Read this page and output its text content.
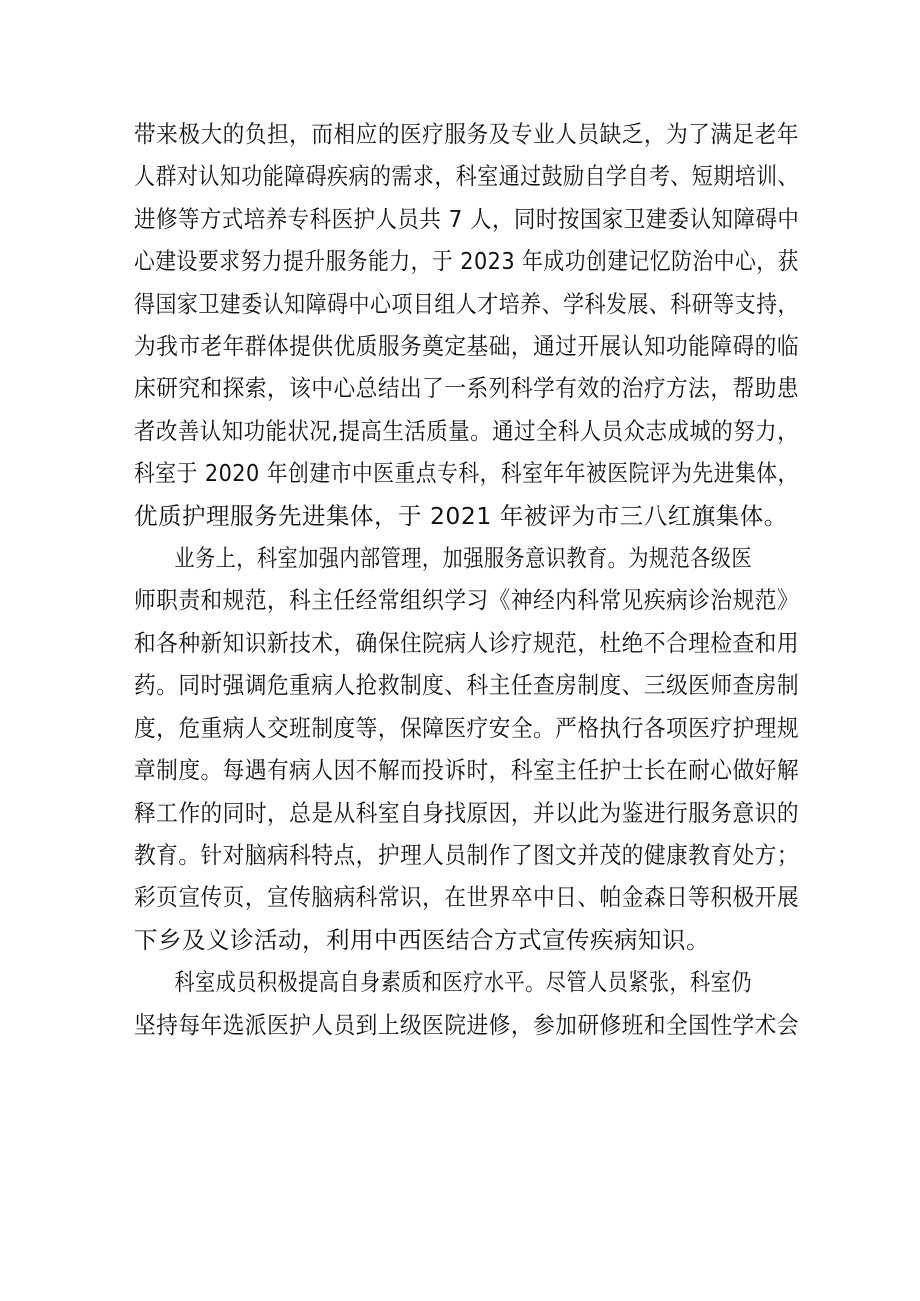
带来极大的负担，而相应的医疗服务及专业人员缺乏，为了满足老年
人群对认知功能障碍疾病的需求，科室通过鼓励自学自考、短期培训、
进修等方式培养专科医护人员共 7 人，同时按国家卫建委认知障碍中
心建设要求努力提升服务能力，于 2023 年成功创建记忆防治中心，获
得国家卫建委认知障碍中心项目组人才培养、学科发展、科研等支持，
为我市老年群体提供优质服务奠定基础，通过开展认知功能障碍的临
床研究和探索，该中心总结出了一系列科学有效的治疗方法，帮助患
者改善认知功能状况,提高生活质量。通过全科人员众志成城的努力，
科室于 2020 年创建市中医重点专科，科室年年被医院评为先进集体，
优质护理服务先进集体，于 2021 年被评为市三八红旗集体。
业务上，科室加强内部管理，加强服务意识教育。为规范各级医
师职责和规范，科主任经常组织学习《神经内科常见疾病诊治规范》
和各种新知识新技术，确保住院病人诊疗规范，杜绝不合理检查和用
药。同时强调危重病人抢救制度、科主任查房制度、三级医师查房制
度，危重病人交班制度等，保障医疗安全。严格执行各项医疗护理规
章制度。每遇有病人因不解而投诉时，科室主任护士长在耐心做好解
释工作的同时，总是从科室自身找原因，并以此为鉴进行服务意识的
教育。针对脑病科特点，护理人员制作了图文并茂的健康教育处方；
彩页宣传页，宣传脑病科常识，在世界卒中日、帕金森日等积极开展
下乡及义诊活动，利用中西医结合方式宣传疾病知识。
科室成员积极提高自身素质和医疗水平。尽管人员紧张，科室仍
坚持每年选派医护人员到上级医院进修，参加研修班和全国性学术会
